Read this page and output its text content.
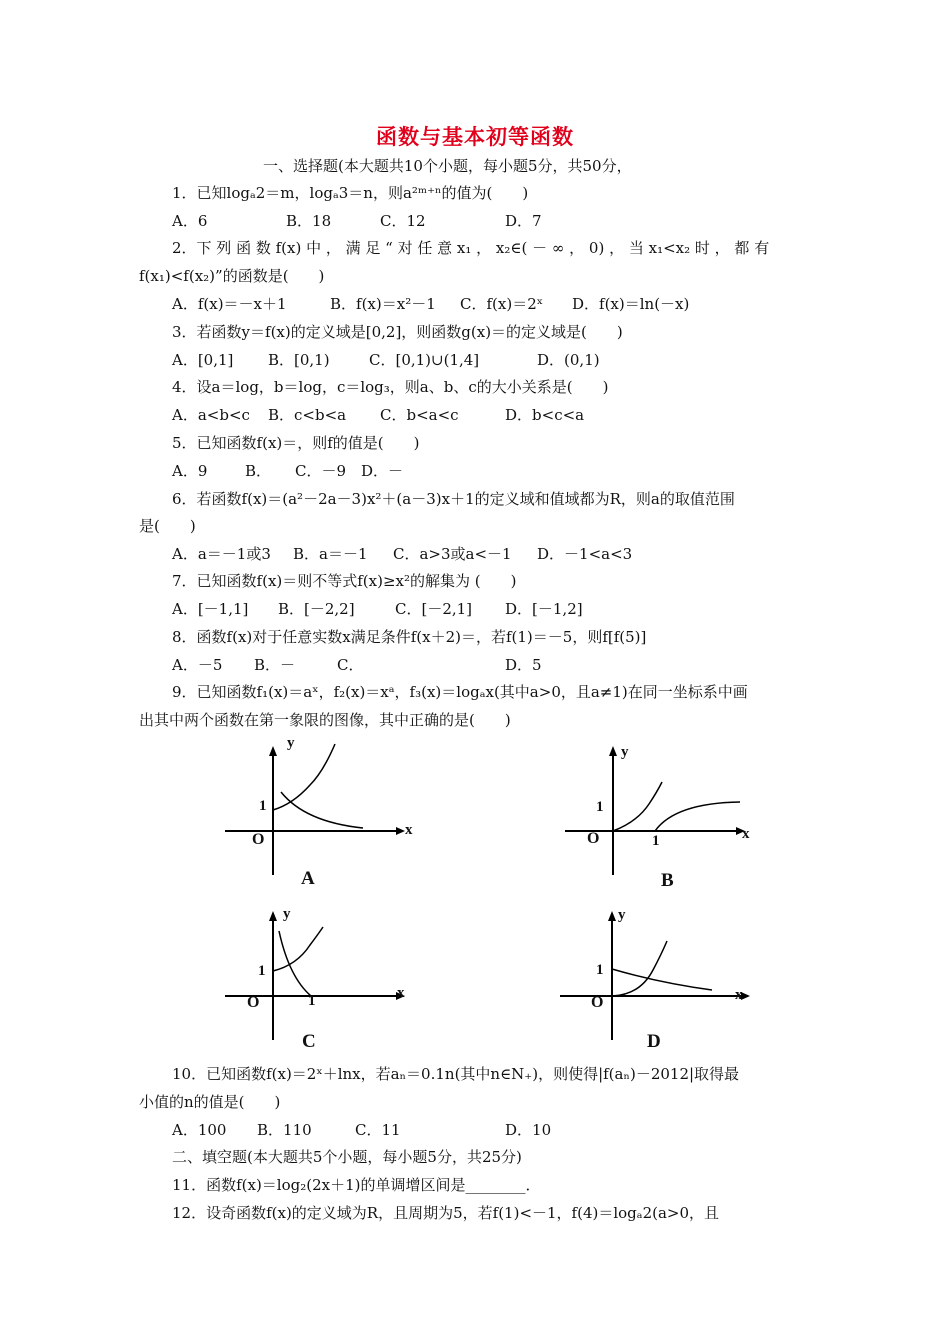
函数与基本初等函数
一、选择题(本大题共10个小题，每小题5分，共50分，
1．已知logₐ2＝m，logₐ3＝n，则a²ᵐ⁺ⁿ的值为(　　)
A．6	B．18	C．12	D．7
2．下 列 函 数 f(x) 中 ， 满 足 “ 对 任 意 x₁ ， x₂∈( － ∞ ， 0) ， 当 x₁<x₂ 时 ， 都 有
f(x₁)<f(x₂)”的函数是(　　)
A．f(x)＝－x＋1	B．f(x)＝x²－1 C．f(x)＝2ˣ D．f(x)＝ln(－x)
3．若函数y＝f(x)的定义域是[0,2]，则函数g(x)＝的定义域是(　　)
A．[0,1] B．[0,1)	C．[0,1)∪(1,4]	D．(0,1)
4．设a＝log，b＝log，c＝log₃，则a、b、c的大小关系是(　　)
A．a<b<c B．c<b<a C．b<a<c	D．b<c<a
5．已知函数f(x)＝，则f的值是(　　)
A．9	B． C．－9 D．－
6．若函数f(x)＝(a²－2a－3)x²＋(a－3)x＋1的定义域和值域都为R，则a的取值范围
是(　　)
A．a＝－1或3 B．a＝－1 C．a>3或a<－1 D．－1<a<3
7．已知函数f(x)＝则不等式f(x)≥x²的解集为 (　　)
A．[－1,1] B．[－2,2]	C．[－2,1] D．[－1,2]
8．函数f(x)对于任意实数x满足条件f(x＋2)＝，若f(1)＝－5，则f[f(5)]
A．－5 B．－	C．	D．5
9．已知函数f₁(x)＝aˣ，f₂(x)＝xᵃ，f₃(x)＝logₐx(其中a>0，且a≠1)在同一坐标系中画
出其中两个函数在第一象限的图像，其中正确的是(　　)
y
x
O
1
A
y
x
O
1
1
B
y
x
O
1
1
C
y
x
O
1
D
10．已知函数f(x)＝2ˣ＋lnx，若aₙ＝0.1n(其中n∈N₊)，则使得|f(aₙ)－2012|取得最
小值的n的值是(　　)
A．100 B．110	C．11	D．10
二、填空题(本大题共5个小题，每小题5分，共25分)
11．函数f(x)＝log₂(2x＋1)的单调增区间是________．
12．设奇函数f(x)的定义域为R，且周期为5，若f(1)<－1，f(4)＝logₐ2(a>0，且
